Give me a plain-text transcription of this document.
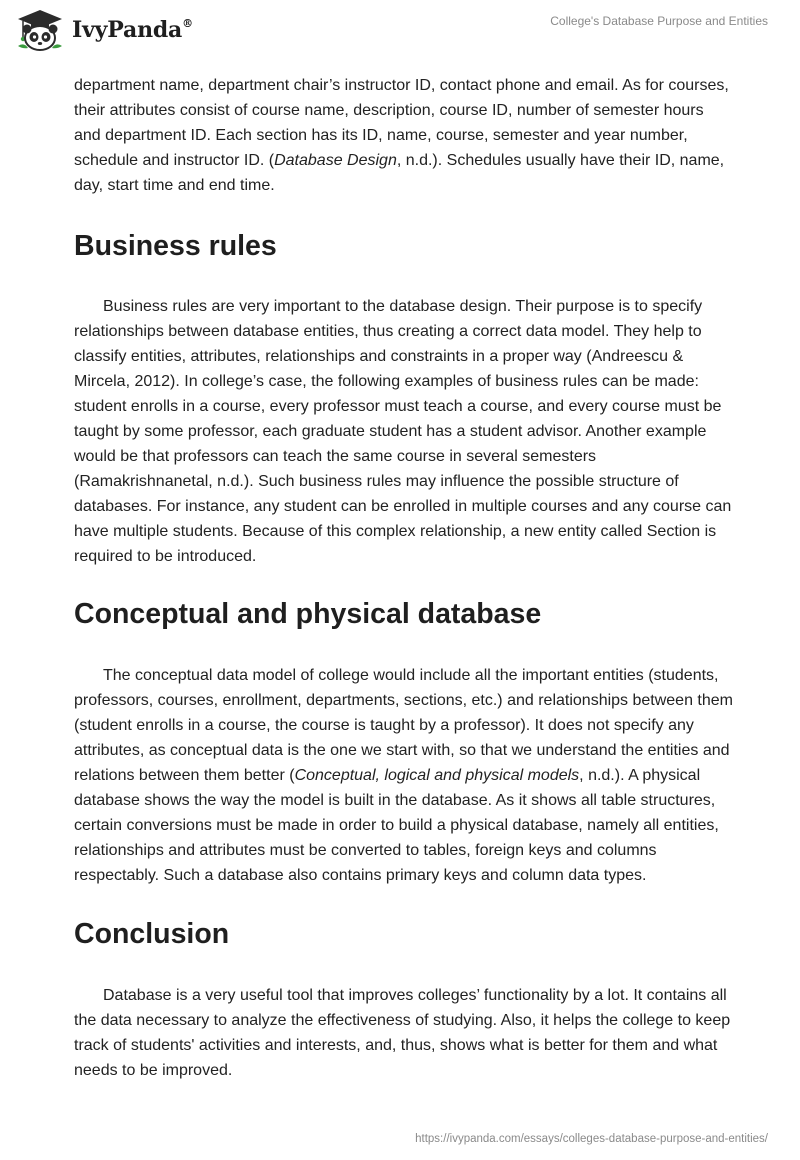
IvyPanda®	College's Database Purpose and Entities

department name, department chair’s instructor ID, contact phone and email. As for courses, their attributes consist of course name, description, course ID, number of semester hours and department ID. Each section has its ID, name, course, semester and year number, schedule and instructor ID. (Database Design, n.d.). Schedules usually have their ID, name, day, start time and end time.

Business rules

Business rules are very important to the database design. Their purpose is to specify relationships between database entities, thus creating a correct data model. They help to classify entities, attributes, relationships and constraints in a proper way (Andreescu & Mircela, 2012). In college’s case, the following examples of business rules can be made: student enrolls in a course, every professor must teach a course, and every course must be taught by some professor, each graduate student has a student advisor. Another example would be that professors can teach the same course in several semesters (Ramakrishnanetal, n.d.). Such business rules may influence the possible structure of databases. For instance, any student can be enrolled in multiple courses and any course can have multiple students. Because of this complex relationship, a new entity called Section is required to be introduced.

Conceptual and physical database

The conceptual data model of college would include all the important entities (students, professors, courses, enrollment, departments, sections, etc.) and relationships between them (student enrolls in a course, the course is taught by a professor). It does not specify any attributes, as conceptual data is the one we start with, so that we understand the entities and relations between them better (Conceptual, logical and physical models, n.d.). A physical database shows the way the model is built in the database. As it shows all table structures, certain conversions must be made in order to build a physical database, namely all entities, relationships and attributes must be converted to tables, foreign keys and columns respectably. Such a database also contains primary keys and column data types.

Conclusion

Database is a very useful tool that improves colleges’ functionality by a lot. It contains all the data necessary to analyze the effectiveness of studying. Also, it helps the college to keep track of students' activities and interests, and, thus, shows what is better for them and what needs to be improved.

https://ivypanda.com/essays/colleges-database-purpose-and-entities/
